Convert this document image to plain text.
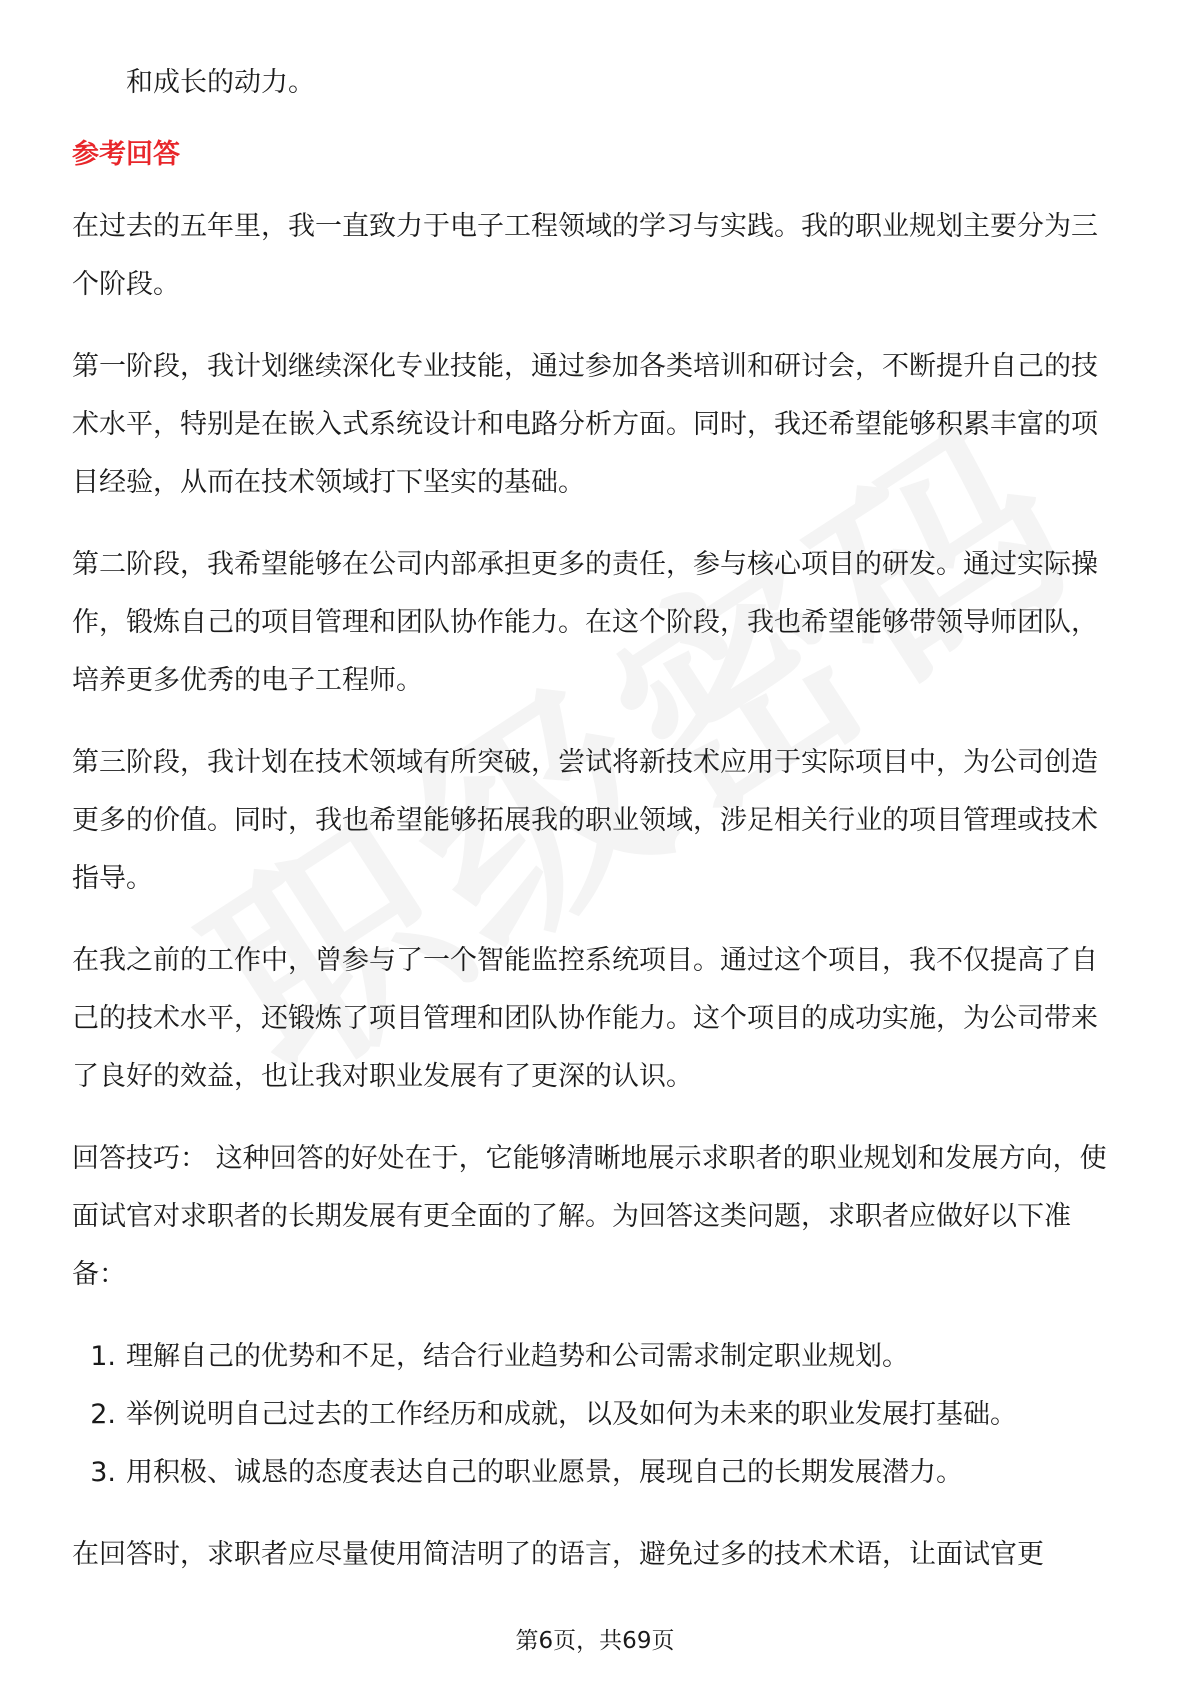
和成长的动力。
参考回答

在过去的五年里，我一直致力于电子工程领域的学习与实践。我的职业规划主要分为三个阶段。

第一阶段，我计划继续深化专业技能，通过参加各类培训和研讨会，不断提升自己的技术水平，特别是在嵌入式系统设计和电路分析方面。同时，我还希望能够积累丰富的项目经验，从而在技术领域打下坚实的基础。

第二阶段，我希望能够在公司内部承担更多的责任，参与核心项目的研发。通过实际操作，锻炼自己的项目管理和团队协作能力。在这个阶段，我也希望能够带领导师团队，培养更多优秀的电子工程师。

第三阶段，我计划在技术领域有所突破，尝试将新技术应用于实际项目中，为公司创造更多的价值。同时，我也希望能够拓展我的职业领域，涉足相关行业的项目管理或技术指导。

在我之前的工作中，曾参与了一个智能监控系统项目。通过这个项目，我不仅提高了自己的技术水平，还锻炼了项目管理和团队协作能力。这个项目的成功实施，为公司带来了良好的效益，也让我对职业发展有了更深的认识。

回答技巧： 这种回答的好处在于，它能够清晰地展示求职者的职业规划和发展方向，使面试官对求职者的长期发展有更全面的了解。为回答这类问题，求职者应做好以下准备：

1. 理解自己的优势和不足，结合行业趋势和公司需求制定职业规划。
2. 举例说明自己过去的工作经历和成就，以及如何为未来的职业发展打基础。
3. 用积极、诚恳的态度表达自己的职业愿景，展现自己的长期发展潜力。

在回答时，求职者应尽量使用简洁明了的语言，避免过多的技术术语，让面试官更

第6页，共69页
